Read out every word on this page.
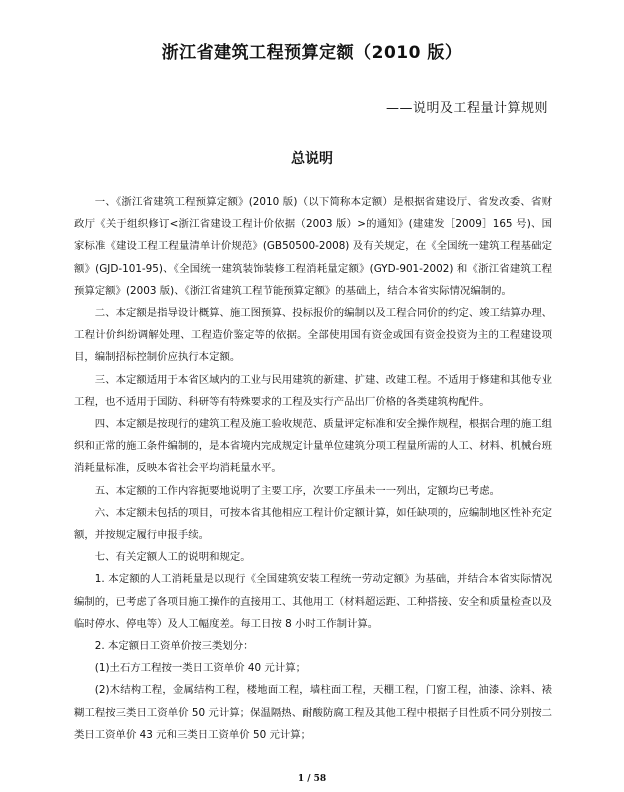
浙江省建筑工程预算定额（2010 版）
——说明及工程量计算规则
总说明

一、《浙江省建筑工程预算定额》(2010 版)（以下简称本定额）是根据省建设厅、省发改委、省财政厅《关于组织修订<浙江省建设工程计价依据（2003 版）>的通知》(建建发［2009］165 号)、国家标准《建设工程工程量清单计价规范》(GB50500-2008) 及有关规定，在《全国统一建筑工程基础定额》(GJD-101-95)、《全国统一建筑装饰装修工程消耗量定额》(GYD-901-2002) 和《浙江省建筑工程预算定额》(2003 版)、《浙江省建筑工程节能预算定额》的基础上，结合本省实际情况编制的。

二、本定额是指导设计概算、施工图预算、投标报价的编制以及工程合同价的约定、竣工结算办理、工程计价纠纷调解处理、工程造价鉴定等的依据。全部使用国有资金或国有资金投资为主的工程建设项目，编制招标控制价应执行本定额。

三、本定额适用于本省区域内的工业与民用建筑的新建、扩建、改建工程。不适用于修建和其他专业工程，也不适用于国防、科研等有特殊要求的工程及实行产品出厂价格的各类建筑构配件。

四、本定额是按现行的建筑工程及施工验收规范、质量评定标准和安全操作规程，根据合理的施工组织和正常的施工条件编制的，是本省境内完成规定计量单位建筑分项工程量所需的人工、材料、机械台班消耗量标准，反映本省社会平均消耗量水平。

五、本定额的工作内容扼要地说明了主要工序，次要工序虽未一一列出，定额均已考虑。

六、本定额未包括的项目，可按本省其他相应工程计价定额计算，如任缺项的，应编制地区性补充定额，并按规定履行申报手续。

七、有关定额人工的说明和规定。

1. 本定额的人工消耗量是以现行《全国建筑安装工程统一劳动定额》为基础，并结合本省实际情况编制的，已考虑了各项目施工操作的直接用工、其他用工（材料超运距、工种搭接、安全和质量检查以及临时停水、停电等）及人工幅度差。每工日按 8 小时工作制计算。

2. 本定额日工资单价按三类划分：

(1)土石方工程按一类日工资单价 40 元计算；

(2)木结构工程，金属结构工程，楼地面工程，墙柱面工程，天棚工程，门窗工程，油漆、涂料、裱糊工程按三类日工资单价 50 元计算；保温隔热、耐酸防腐工程及其他工程中根据子目性质不同分别按二类日工资单价 43 元和三类日工资单价 50 元计算；

1 / 58
